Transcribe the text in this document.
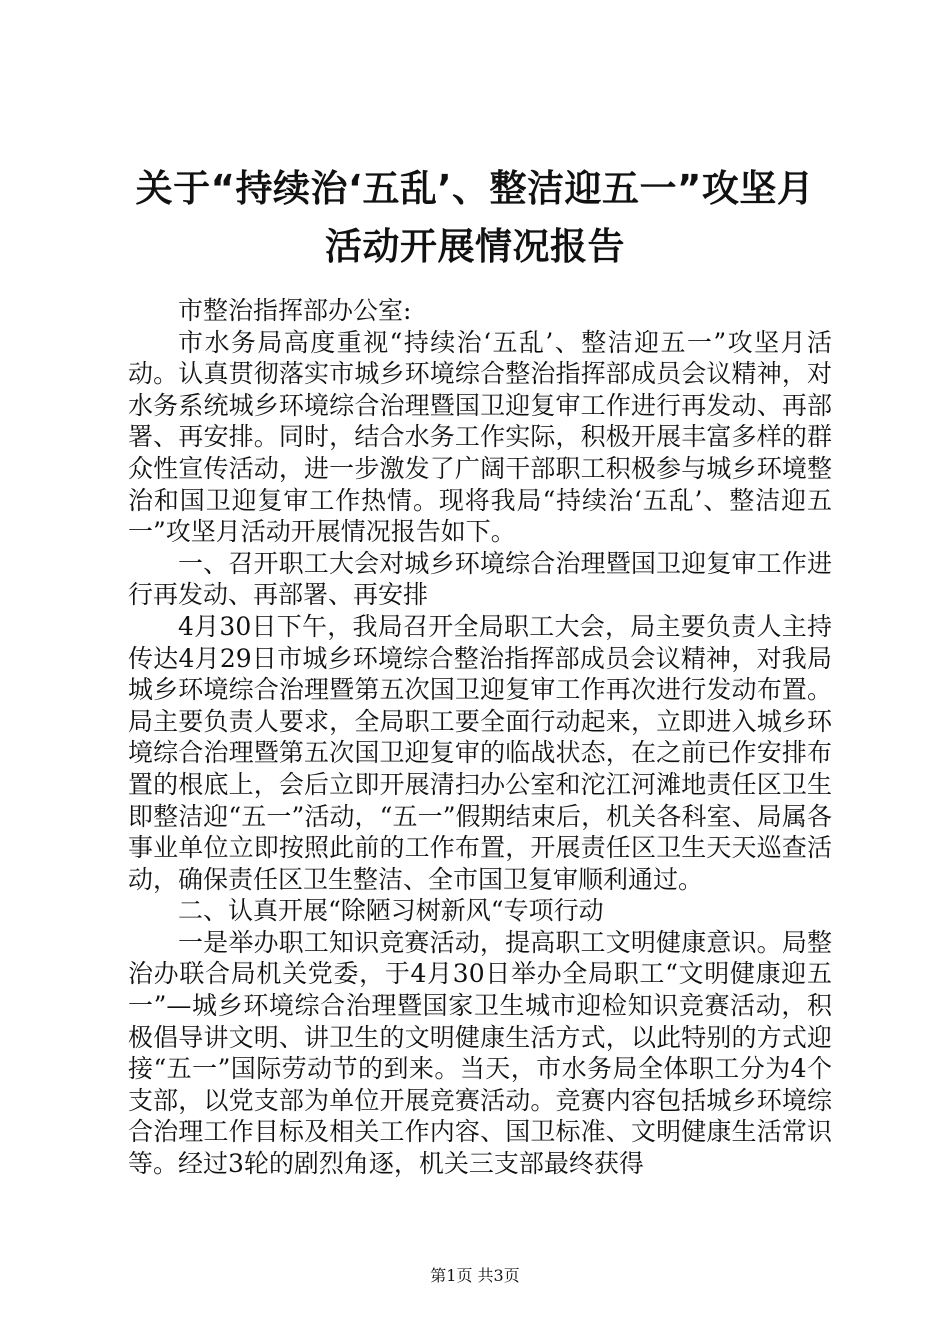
关于“持续治‘五乱’、整洁迎五一”攻坚月
活动开展情况报告

市整治指挥部办公室:

市水务局高度重视“持续治‘五乱’、整洁迎五一”攻坚月活动。认真贯彻落实市城乡环境综合整治指挥部成员会议精神，对水务系统城乡环境综合治理暨国卫迎复审工作进行再发动、再部署、再安排。同时，结合水务工作实际，积极开展丰富多样的群众性宣传活动，进一步激发了广阔干部职工积极参与城乡环境整治和国卫迎复审工作热情。现将我局“持续治‘五乱’、整洁迎五一”攻坚月活动开展情况报告如下。

一、召开职工大会对城乡环境综合治理暨国卫迎复审工作进行再发动、再部署、再安排

4月30日下午，我局召开全局职工大会，局主要负责人主持传达4月29日市城乡环境综合整治指挥部成员会议精神，对我局城乡环境综合治理暨第五次国卫迎复审工作再次进行发动布置。局主要负责人要求，全局职工要全面行动起来，立即进入城乡环境综合治理暨第五次国卫迎复审的临战状态，在之前已作安排布置的根底上，会后立即开展清扫办公室和沱江河滩地责任区卫生即整洁迎“五一”活动，“五一”假期结束后，机关各科室、局属各事业单位立即按照此前的工作布置，开展责任区卫生天天巡查活动，确保责任区卫生整洁、全市国卫复审顺利通过。

二、认真开展“除陋习树新风“专项行动

一是举办职工知识竞赛活动，提高职工文明健康意识。局整治办联合局机关党委，于4月30日举办全局职工“文明健康迎五一”—城乡环境综合治理暨国家卫生城市迎检知识竞赛活动，积极倡导讲文明、讲卫生的文明健康生活方式，以此特别的方式迎接“五一”国际劳动节的到来。当天，市水务局全体职工分为4个支部，以党支部为单位开展竞赛活动。竞赛内容包括城乡环境综合治理工作目标及相关工作内容、国卫标准、文明健康生活常识等。经过3轮的剧烈角逐，机关三支部最终获得

第1页 共3页
